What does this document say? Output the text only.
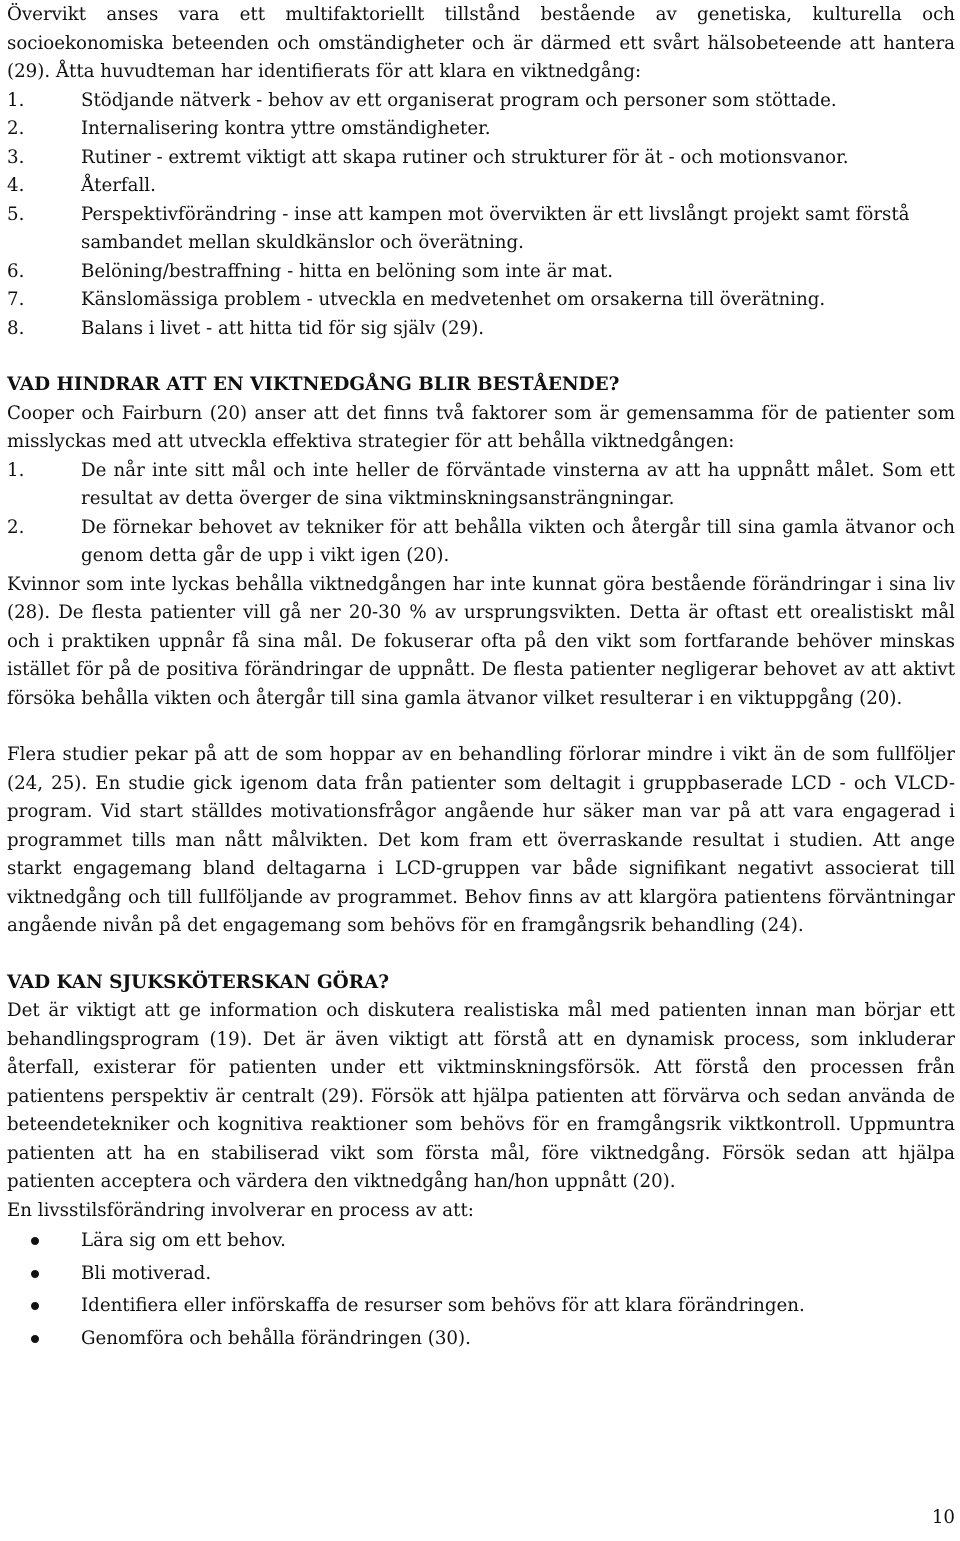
Övervikt anses vara ett multifaktoriellt tillstånd bestående av genetiska, kulturella och socioekonomiska beteenden och omständigheter och är därmed ett svårt hälsobeteende att hantera (29). Åtta huvudteman har identifierats för att klara en viktnedgång:

1.	Stödjande nätverk - behov av ett organiserat program och personer som stöttade.
2.	Internalisering kontra yttre omständigheter.
3.	Rutiner - extremt viktigt att skapa rutiner och strukturer för ät - och motionsvanor.
4.	Återfall.
5.	Perspektivförändring - inse att kampen mot övervikten är ett livslångt projekt samt förstå sambandet mellan skuldkänslor och överätning.
6.	Belöning/bestraffning - hitta en belöning som inte är mat.
7.	Känslomässiga problem - utveckla en medvetenhet om orsakerna till överätning.
8.	Balans i livet - att hitta tid för sig själv (29).
VAD HINDRAR ATT EN VIKTNEDGÅNG BLIR BESTÅENDE?

Cooper och Fairburn (20) anser att det finns två faktorer som är gemensamma för de patienter som misslyckas med att utveckla effektiva strategier för att behålla viktnedgången:

1.	De når inte sitt mål och inte heller de förväntade vinsterna av att ha uppnått målet. Som ett resultat av detta överger de sina viktminskningsansträngningar.
2.	De förnekar behovet av tekniker för att behålla vikten och återgår till sina gamla ätvanor och genom detta går de upp i vikt igen (20).

Kvinnor som inte lyckas behålla viktnedgången har inte kunnat göra bestående förändringar i sina liv (28). De flesta patienter vill gå ner 20-30 % av ursprungsvikten. Detta är oftast ett orealistiskt mål och i praktiken uppnår få sina mål. De fokuserar ofta på den vikt som fortfarande behöver minskas istället för på de positiva förändringar de uppnått. De flesta patienter negligerar behovet av att aktivt försöka behålla vikten och återgår till sina gamla ätvanor vilket resulterar i en viktuppgång (20).

Flera studier pekar på att de som hoppar av en behandling förlorar mindre i vikt än de som fullföljer (24, 25). En studie gick igenom data från patienter som deltagit i gruppbaserade LCD - och VLCD-program. Vid start ställdes motivationsfrågor angående hur säker man var på att vara engagerad i programmet tills man nått målvikten. Det kom fram ett överraskande resultat i studien. Att ange starkt engagemang bland deltagarna i LCD-gruppen var både signifikant negativt associerat till viktnedgång och till fullföljande av programmet. Behov finns av att klargöra patientens förväntningar angående nivån på det engagemang som behövs för en framgångsrik behandling (24).

VAD KAN SJUKSKÖTERSKAN GÖRA?

Det är viktigt att ge information och diskutera realistiska mål med patienten innan man börjar ett behandlingsprogram (19). Det är även viktigt att förstå att en dynamisk process, som inkluderar återfall, existerar för patienten under ett viktminskningsförsök. Att förstå den processen från patientens perspektiv är centralt (29). Försök att hjälpa patienten att förvärva och sedan använda de beteendetekniker och kognitiva reaktioner som behövs för en framgångsrik viktkontroll. Uppmuntra patienten att ha en stabiliserad vikt som första mål, före viktnedgång. Försök sedan att hjälpa patienten acceptera och värdera den viktnedgång han/hon uppnått (20).

En livsstilsförändring involverar en process av att:

Lära sig om ett behov.
Bli motiverad.
Identifiera eller införskaffa de resurser som behövs för att klara förändringen.
Genomföra och behålla förändringen (30).
10
